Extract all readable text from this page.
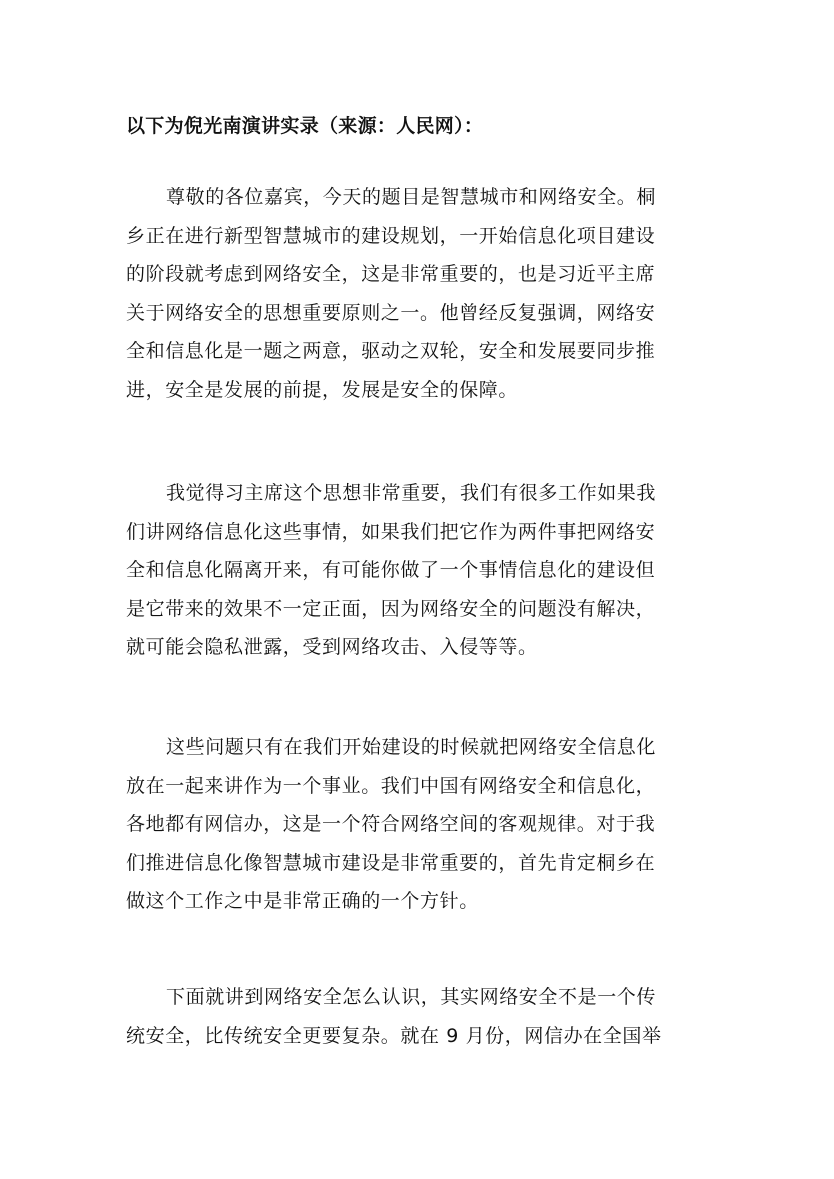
以下为倪光南演讲实录（来源：人民网）：
尊敬的各位嘉宾，今天的题目是智慧城市和网络安全。桐
乡正在进行新型智慧城市的建设规划，一开始信息化项目建设
的阶段就考虑到网络安全，这是非常重要的，也是习近平主席
关于网络安全的思想重要原则之一。他曾经反复强调，网络安
全和信息化是一题之两意，驱动之双轮，安全和发展要同步推
进，安全是发展的前提，发展是安全的保障。
我觉得习主席这个思想非常重要，我们有很多工作如果我
们讲网络信息化这些事情，如果我们把它作为两件事把网络安
全和信息化隔离开来，有可能你做了一个事情信息化的建设但
是它带来的效果不一定正面，因为网络安全的问题没有解决，
就可能会隐私泄露，受到网络攻击、入侵等等。
这些问题只有在我们开始建设的时候就把网络安全信息化
放在一起来讲作为一个事业。我们中国有网络安全和信息化，
各地都有网信办，这是一个符合网络空间的客观规律。对于我
们推进信息化像智慧城市建设是非常重要的，首先肯定桐乡在
做这个工作之中是非常正确的一个方针。
下面就讲到网络安全怎么认识，其实网络安全不是一个传
统安全，比传统安全更要复杂。就在 9 月份，网信办在全国举
